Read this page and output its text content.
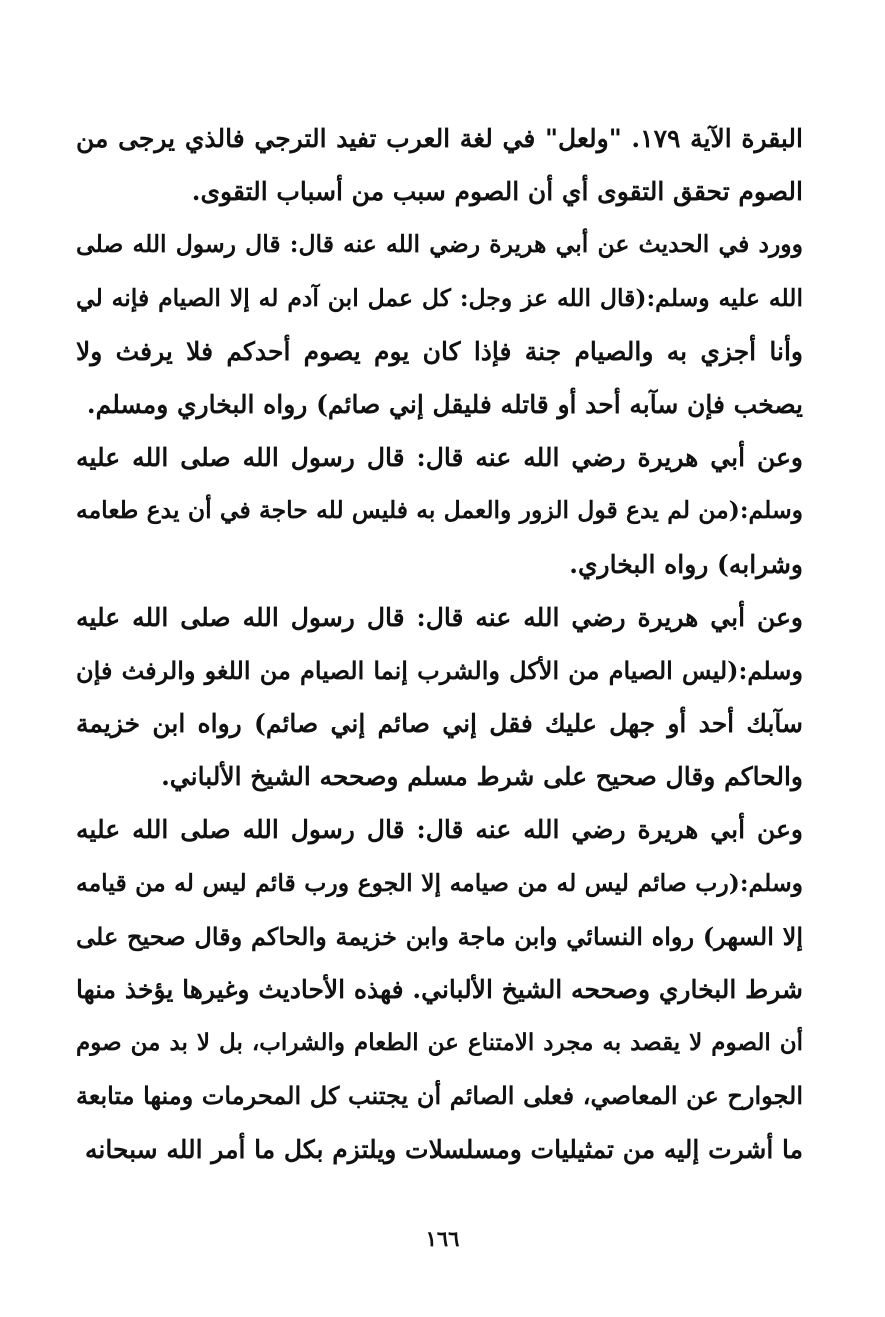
البقرة الآية ١٧٩. "ولعل" في لغة العرب تفيد الترجي فالذي يرجى من
الصوم تحقق التقوى أي أن الصوم سبب من أسباب التقوى.

وورد في الحديث عن أبي هريرة رضي الله عنه قال: قال رسول الله صلى
الله عليه وسلم:(قال الله عز وجل: كل عمل ابن آدم له إلا الصيام فإنه لي
وأنا أجزي به والصيام جنة فإذا كان يوم يصوم أحدكم فلا يرفث ولا
يصخب فإن سآبه أحد أو قاتله فليقل إني صائم) رواه البخاري ومسلم.

وعن أبي هريرة رضي الله عنه قال: قال رسول الله صلى الله عليه
وسلم:(من لم يدع قول الزور والعمل به فليس لله حاجة في أن يدع طعامه
وشرابه) رواه البخاري.

وعن أبي هريرة رضي الله عنه قال: قال رسول الله صلى الله عليه
وسلم:(ليس الصيام من الأكل والشرب إنما الصيام من اللغو والرفث فإن
سآبك أحد أو جهل عليك فقل إني صائم إني صائم) رواه ابن خزيمة
والحاكم وقال صحيح على شرط مسلم وصححه الشيخ الألباني.

وعن أبي هريرة رضي الله عنه قال: قال رسول الله صلى الله عليه
وسلم:(رب صائم ليس له من صيامه إلا الجوع ورب قائم ليس له من قيامه
إلا السهر) رواه النسائي وابن ماجة وابن خزيمة والحاكم وقال صحيح على
شرط البخاري وصححه الشيخ الألباني. فهذه الأحاديث وغيرها يؤخذ منها
أن الصوم لا يقصد به مجرد الامتناع عن الطعام والشراب، بل لا بد من صوم
الجوارح عن المعاصي، فعلى الصائم أن يجتنب كل المحرمات ومنها متابعة
ما أشرت إليه من تمثيليات ومسلسلات ويلتزم بكل ما أمر الله سبحانه

١٦٦
